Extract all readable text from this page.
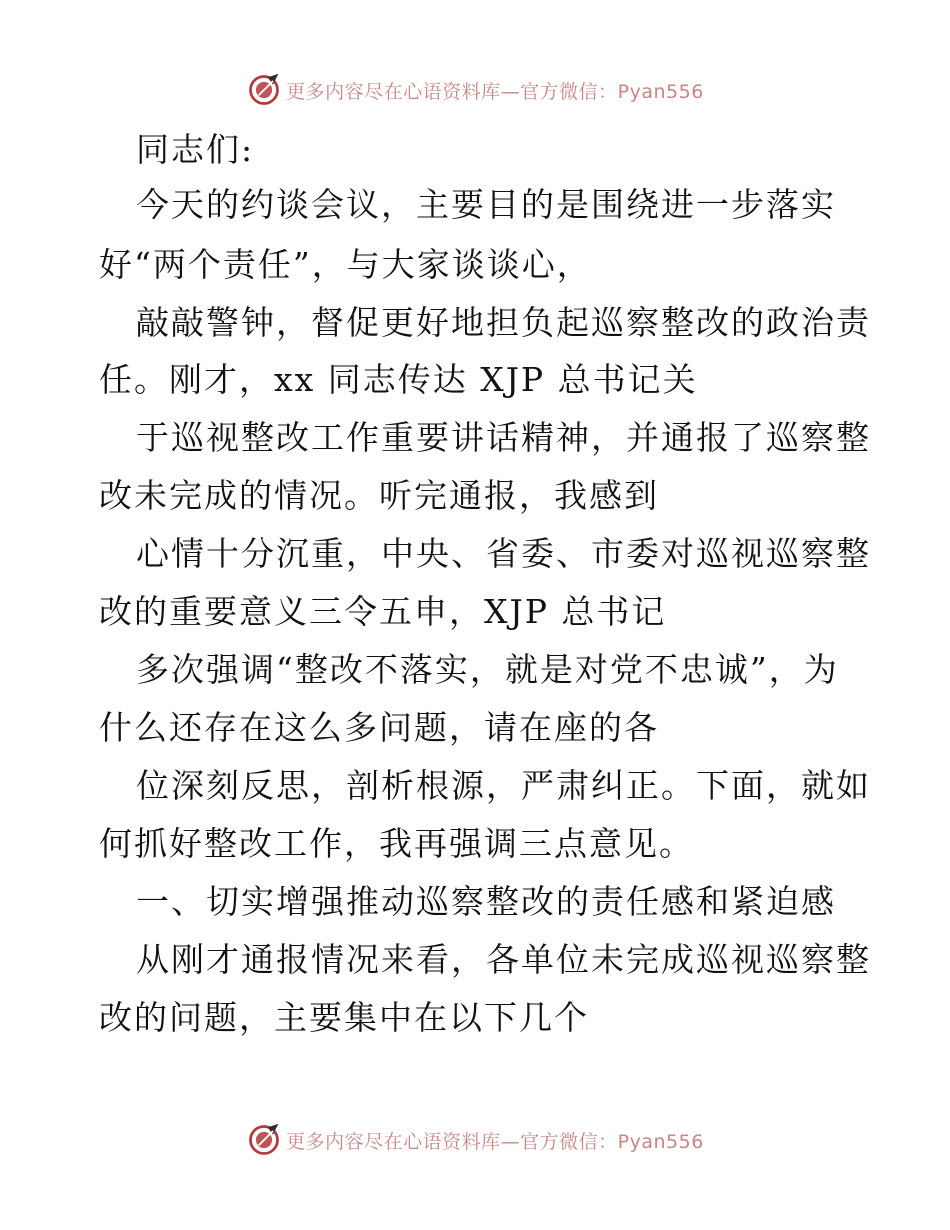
更多内容尽在心语资料库—官方微信：Pyan556
同志们:
今天的约谈会议，主要目的是围绕进一步落实
好“两个责任”，与大家谈谈心，
敲敲警钟，督促更好地担负起巡察整改的政治责
任。刚才，xx 同志传达 XJP 总书记关
于巡视整改工作重要讲话精神，并通报了巡察整
改未完成的情况。听完通报，我感到
心情十分沉重，中央、省委、市委对巡视巡察整
改的重要意义三令五申，XJP 总书记
多次强调“整改不落实，就是对党不忠诚”，为
什么还存在这么多问题，请在座的各
位深刻反思，剖析根源，严肃纠正。下面，就如
何抓好整改工作，我再强调三点意见。
一、切实增强推动巡察整改的责任感和紧迫感
从刚才通报情况来看，各单位未完成巡视巡察整
改的问题，主要集中在以下几个
更多内容尽在心语资料库—官方微信：Pyan556
